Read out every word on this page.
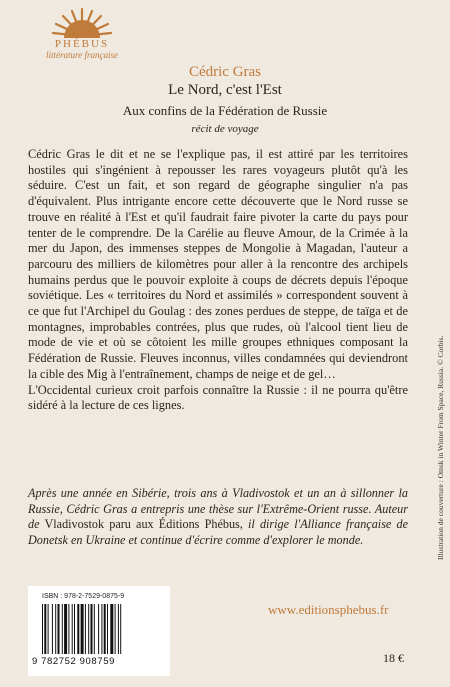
PHÉBUS
littérature française
Cédric Gras
Le Nord, c'est l'Est
Aux confins de la Fédération de Russie
récit de voyage

Cédric Gras le dit et ne se l'explique pas, il est attiré par les territoires hostiles qui s'ingénient à repousser les rares voyageurs plutôt qu'à les séduire. C'est un fait, et son regard de géographe singulier n'a pas d'équivalent. Plus intrigante encore cette découverte que le Nord russe se trouve en réalité à l'Est et qu'il faudrait faire pivoter la carte du pays pour tenter de le comprendre. De la Carélie au fleuve Amour, de la Crimée à la mer du Japon, des immenses steppes de Mongolie à Magadan, l'auteur a parcouru des milliers de kilomètres pour aller à la rencontre des archipels humains perdus que le pouvoir exploite à coups de décrets depuis l'époque soviétique. Les « territoires du Nord et assimilés » correspondent souvent à ce que fut l'Archipel du Goulag : des zones perdues de steppe, de taïga et de montagnes, improbables contrées, plus que rudes, où l'alcool tient lieu de mode de vie et où se côtoient les mille groupes ethniques composant la Fédération de Russie. Fleuves inconnus, villes condamnées qui deviendront la cible des Mig à l'entraînement, champs de neige et de gel…
L'Occidental curieux croit parfois connaître la Russie : il ne pourra qu'être sidéré à la lecture de ces lignes.

Après une année en Sibérie, trois ans à Vladivostok et un an à sillonner la Russie, Cédric Gras a entrepris une thèse sur l'Extrême-Orient russe. Auteur de Vladivostok paru aux Éditions Phébus, il dirige l'Alliance française de Donetsk en Ukraine et continue d'écrire comme d'explorer le monde.	Illustration de couverture : Omsk in Winter From Space, Russia. © Corbis.
ISBN : 978-2-7529-0875-9
9 782752 908759
www.editionsphebus.fr
18 €
